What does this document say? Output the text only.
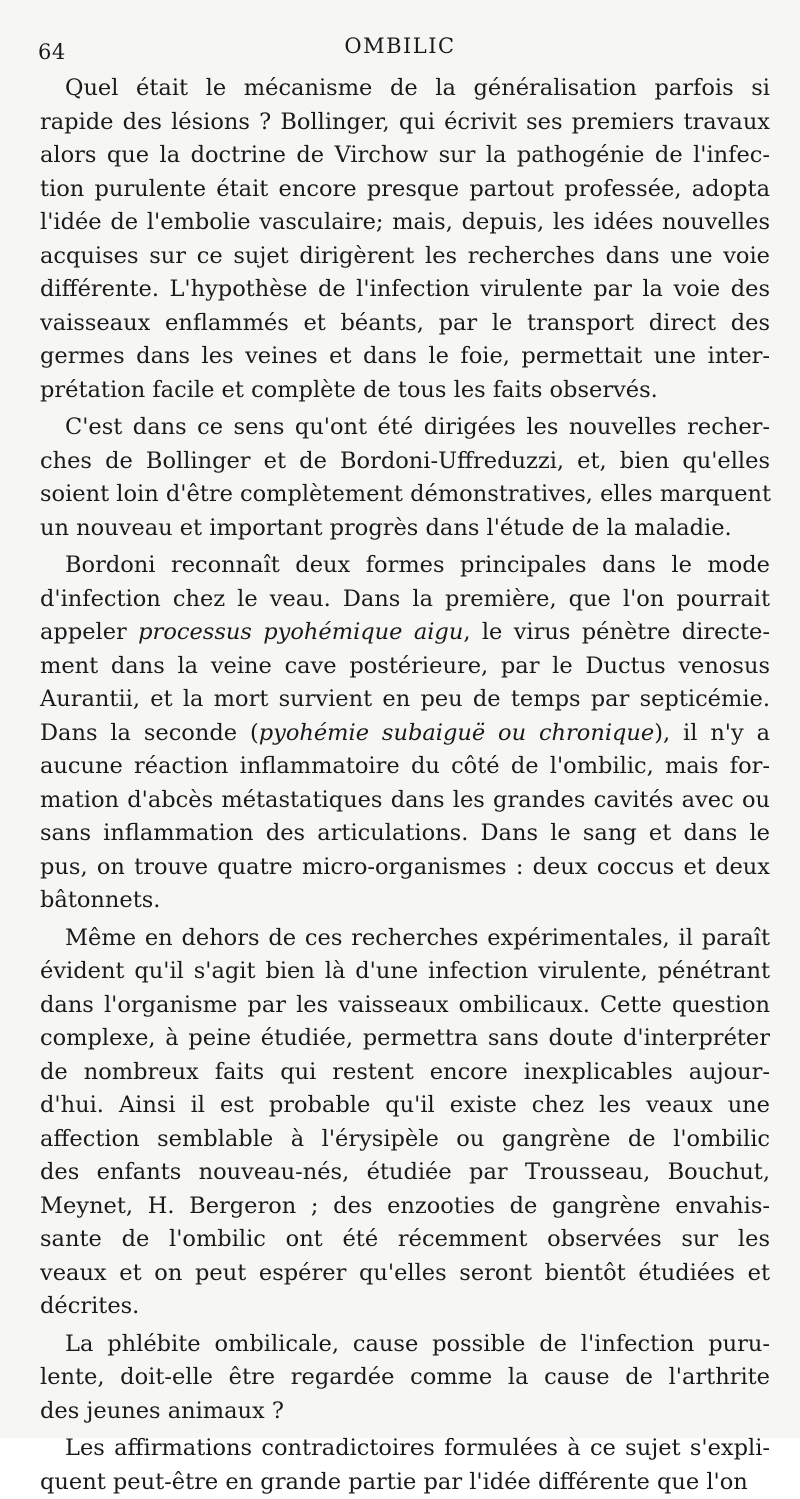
64	OMBILIC
Quel était le mécanisme de la généralisation parfois si
rapide des lésions ? Bollinger, qui écrivit ses premiers travaux
alors que la doctrine de Virchow sur la pathogénie de l'infec-
tion purulente était encore presque partout professée, adopta
l'idée de l'embolie vasculaire; mais, depuis, les idées nouvelles
acquises sur ce sujet dirigèrent les recherches dans une voie
différente. L'hypothèse de l'infection virulente par la voie des
vaisseaux enflammés et béants, par le transport direct des
germes dans les veines et dans le foie, permettait une inter-
prétation facile et complète de tous les faits observés.
C'est dans ce sens qu'ont été dirigées les nouvelles recher-
ches de Bollinger et de Bordoni-Uffreduzzi, et, bien qu'elles
soient loin d'être complètement démonstratives, elles marquent
un nouveau et important progrès dans l'étude de la maladie.
Bordoni reconnaît deux formes principales dans le mode
d'infection chez le veau. Dans la première, que l'on pourrait
appeler processus pyohémique aigu, le virus pénètre directe-
ment dans la veine cave postérieure, par le Ductus venosus
Aurantii, et la mort survient en peu de temps par septicémie.
Dans la seconde (pyohémie subaiguë ou chronique), il n'y a
aucune réaction inflammatoire du côté de l'ombilic, mais for-
mation d'abcès métastatiques dans les grandes cavités avec ou
sans inflammation des articulations. Dans le sang et dans le
pus, on trouve quatre micro-organismes : deux coccus et deux
bâtonnets.
Même en dehors de ces recherches expérimentales, il paraît
évident qu'il s'agit bien là d'une infection virulente, pénétrant
dans l'organisme par les vaisseaux ombilicaux. Cette question
complexe, à peine étudiée, permettra sans doute d'interpréter
de nombreux faits qui restent encore inexplicables aujour-
d'hui. Ainsi il est probable qu'il existe chez les veaux une
affection semblable à l'érysipèle ou gangrène de l'ombilic
des enfants nouveau-nés, étudiée par Trousseau, Bouchut,
Meynet, H. Bergeron ; des enzooties de gangrène envahis-
sante de l'ombilic ont été récemment observées sur les
veaux et on peut espérer qu'elles seront bientôt étudiées et
décrites.
La phlébite ombilicale, cause possible de l'infection puru-
lente, doit-elle être regardée comme la cause de l'arthrite
des jeunes animaux ?
Les affirmations contradictoires formulées à ce sujet s'expli-
quent peut-être en grande partie par l'idée différente que l'on
